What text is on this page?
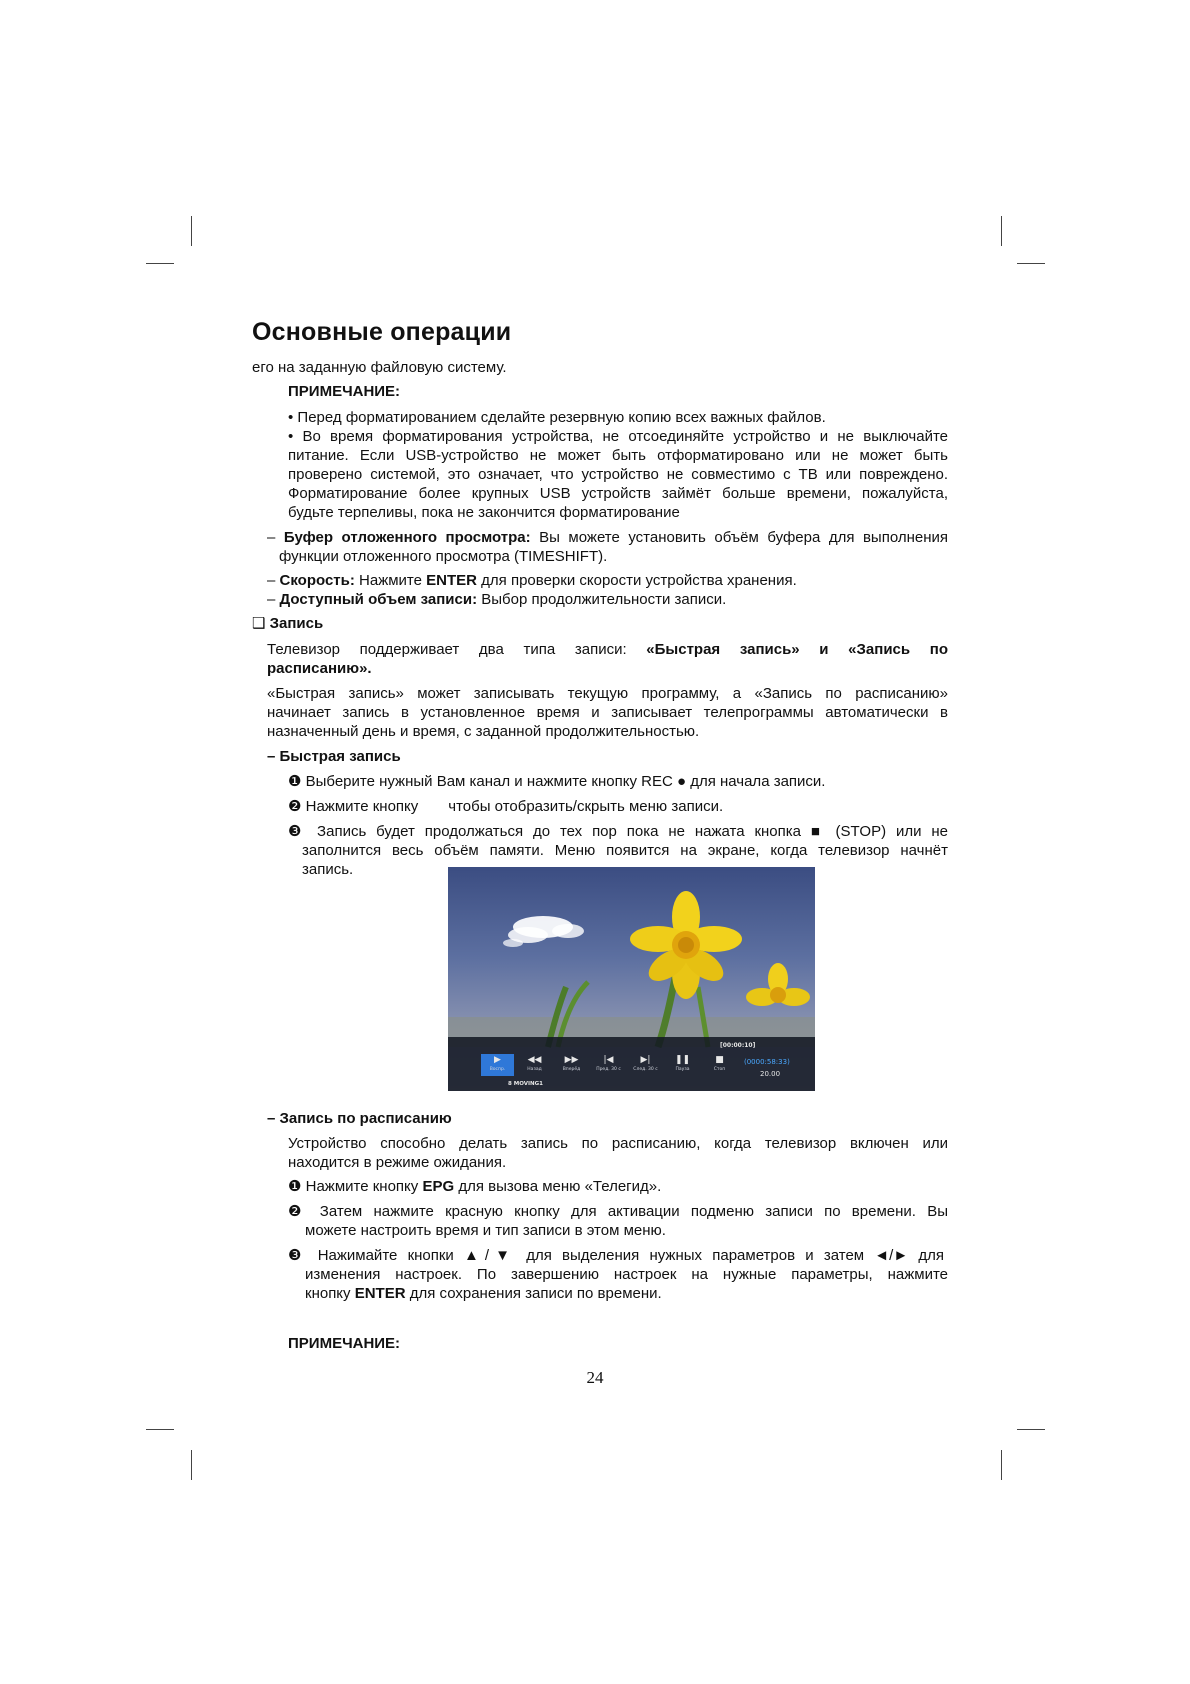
Основные операции

его на заданную файловую систему.

ПРИМЕЧАНИЕ:

• Перед форматированием сделайте резервную копию всех важных файлов.

• Во время форматирования устройства, не отсоединяйте устройство и не выключайте

питание. Если USB-устройство не может быть отформатировано или не может быть

проверено системой, это означает, что устройство не совместимо с ТВ или повреждено.

Форматирование более крупных USB устройств займёт больше времени, пожалуйста,

будьте терпеливы, пока не закончится форматирование

– Буфер отложенного просмотра: Вы можете установить объём буфера для выполнения

функции отложенного просмотра (TIMESHIFT).

– Скорость: Нажмите ENTER для проверки скорости устройства хранения.

– Доступный объем записи: Выбор продолжительности записи.

❑ Запись

Телевизор поддерживает два типа записи: «Быстрая запись» и «Запись по

расписанию».

«Быстрая запись» может записывать текущую программу, а «Запись по расписанию»

начинает запись в установленное время и записывает телепрограммы автоматически в

назначенный день и время, с заданной продолжительностью.

– Быстрая запись

❶ Выберите нужный Вам канал и нажмите кнопку REC ● для начала записи.

❷ Нажмите кнопку чтобы отобразить/скрыть меню записи.

❸ Запись будет продолжаться до тех пор пока не нажата кнопка ■ (STOP) или не

заполнится весь объём памяти. Меню появится на экране, когда телевизор начнёт

запись.

[00:00:10]
▶
Воспр.
◀◀
Назад
▶▶
Вперёд
|◀
Пред. 30 с
▶|
След. 30 с
❚❚
Пауза
■
Стоп
(0000:58:33)
20.00
8 MOVING1

– Запись по расписанию

Устройство способно делать запись по расписанию, когда телевизор включен или

находится в режиме ожидания.

❶ Нажмите кнопку EPG для вызова меню «Телегид».

❷ Затем нажмите красную кнопку для активации подменю записи по времени. Вы

можете настроить время и тип записи в этом меню.

❸ Нажимайте кнопки ▲/▼ для выделения нужных параметров и затем ◄/► для

изменения настроек. По завершению настроек на нужные параметры, нажмите

кнопку ENTER для сохранения записи по времени.

ПРИМЕЧАНИЕ:

24
